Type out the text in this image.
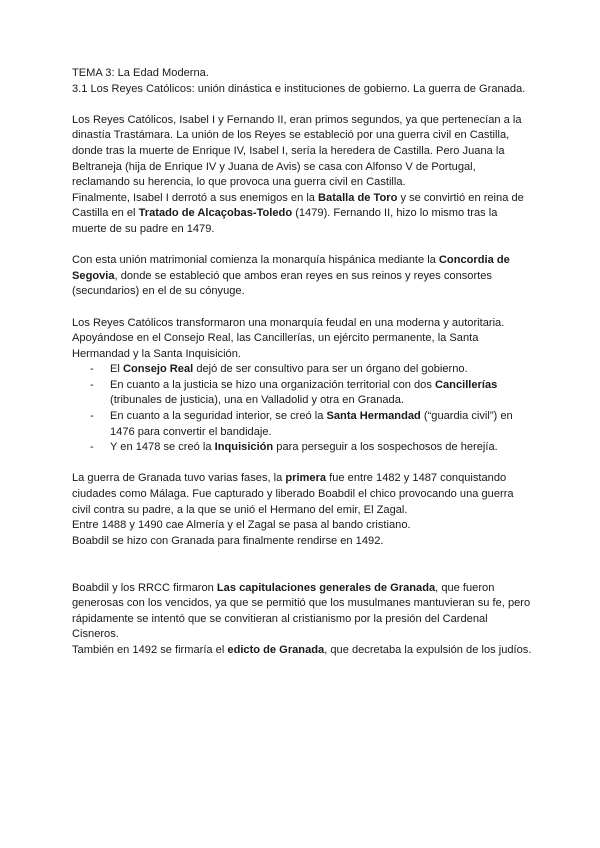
TEMA 3: La Edad Moderna.

3.1 Los Reyes Católicos: unión dinástica e instituciones de gobierno. La guerra de Granada.

Los Reyes Católicos, Isabel I y Fernando II, eran primos segundos, ya que pertenecían a la dinastía Trastámara. La unión de los Reyes se estableció por una guerra civil en Castilla, donde tras la muerte de Enrique IV, Isabel I, sería la heredera de Castilla. Pero Juana la Beltraneja (hija de Enrique IV y Juana de Avis) se casa con Alfonso V de Portugal, reclamando su herencia, lo que provoca una guerra civil en Castilla.

Finalmente, Isabel I derrotó a sus enemigos en la Batalla de Toro y se convirtió en reina de Castilla en el Tratado de Alcaçobas-Toledo (1479). Fernando II, hizo lo mismo tras la muerte de su padre en 1479.

Con esta unión matrimonial comienza la monarquía hispánica mediante la Concordia de Segovia, donde se estableció que ambos eran reyes en sus reinos y reyes consortes (secundarios) en el de su cónyuge.

Los Reyes Católicos transformaron una monarquía feudal en una moderna y autoritaria. Apoyándose en el Consejo Real, las Cancillerías, un ejército permanente, la Santa Hermandad y la Santa Inquisición.

- El Consejo Real dejó de ser consultivo para ser un órgano del gobierno.
- En cuanto a la justicia se hizo una organización territorial con dos Cancillerías (tribunales de justicia), una en Valladolid y otra en Granada.
- En cuanto a la seguridad interior, se creó la Santa Hermandad (“guardia civil”) en 1476 para convertir el bandidaje.
- Y en 1478 se creó la Inquisición para perseguir a los sospechosos de herejía.

La guerra de Granada tuvo varias fases, la primera fue entre 1482 y 1487 conquistando ciudades como Málaga. Fue capturado y liberado Boabdil el chico provocando una guerra civil contra su padre, a la que se unió el Hermano del emir, El Zagal.

Entre 1488 y 1490 cae Almería y el Zagal se pasa al bando cristiano.

Boabdil se hizo con Granada para finalmente rendirse en 1492.

Boabdil y los RRCC firmaron Las capitulaciones generales de Granada, que fueron generosas con los vencidos, ya que se permitió que los musulmanes mantuvieran su fe, pero rápidamente se intentó que se convitieran al cristianismo por la presión del Cardenal Cisneros.

También en 1492 se firmaría el edicto de Granada, que decretaba la expulsión de los judíos.
